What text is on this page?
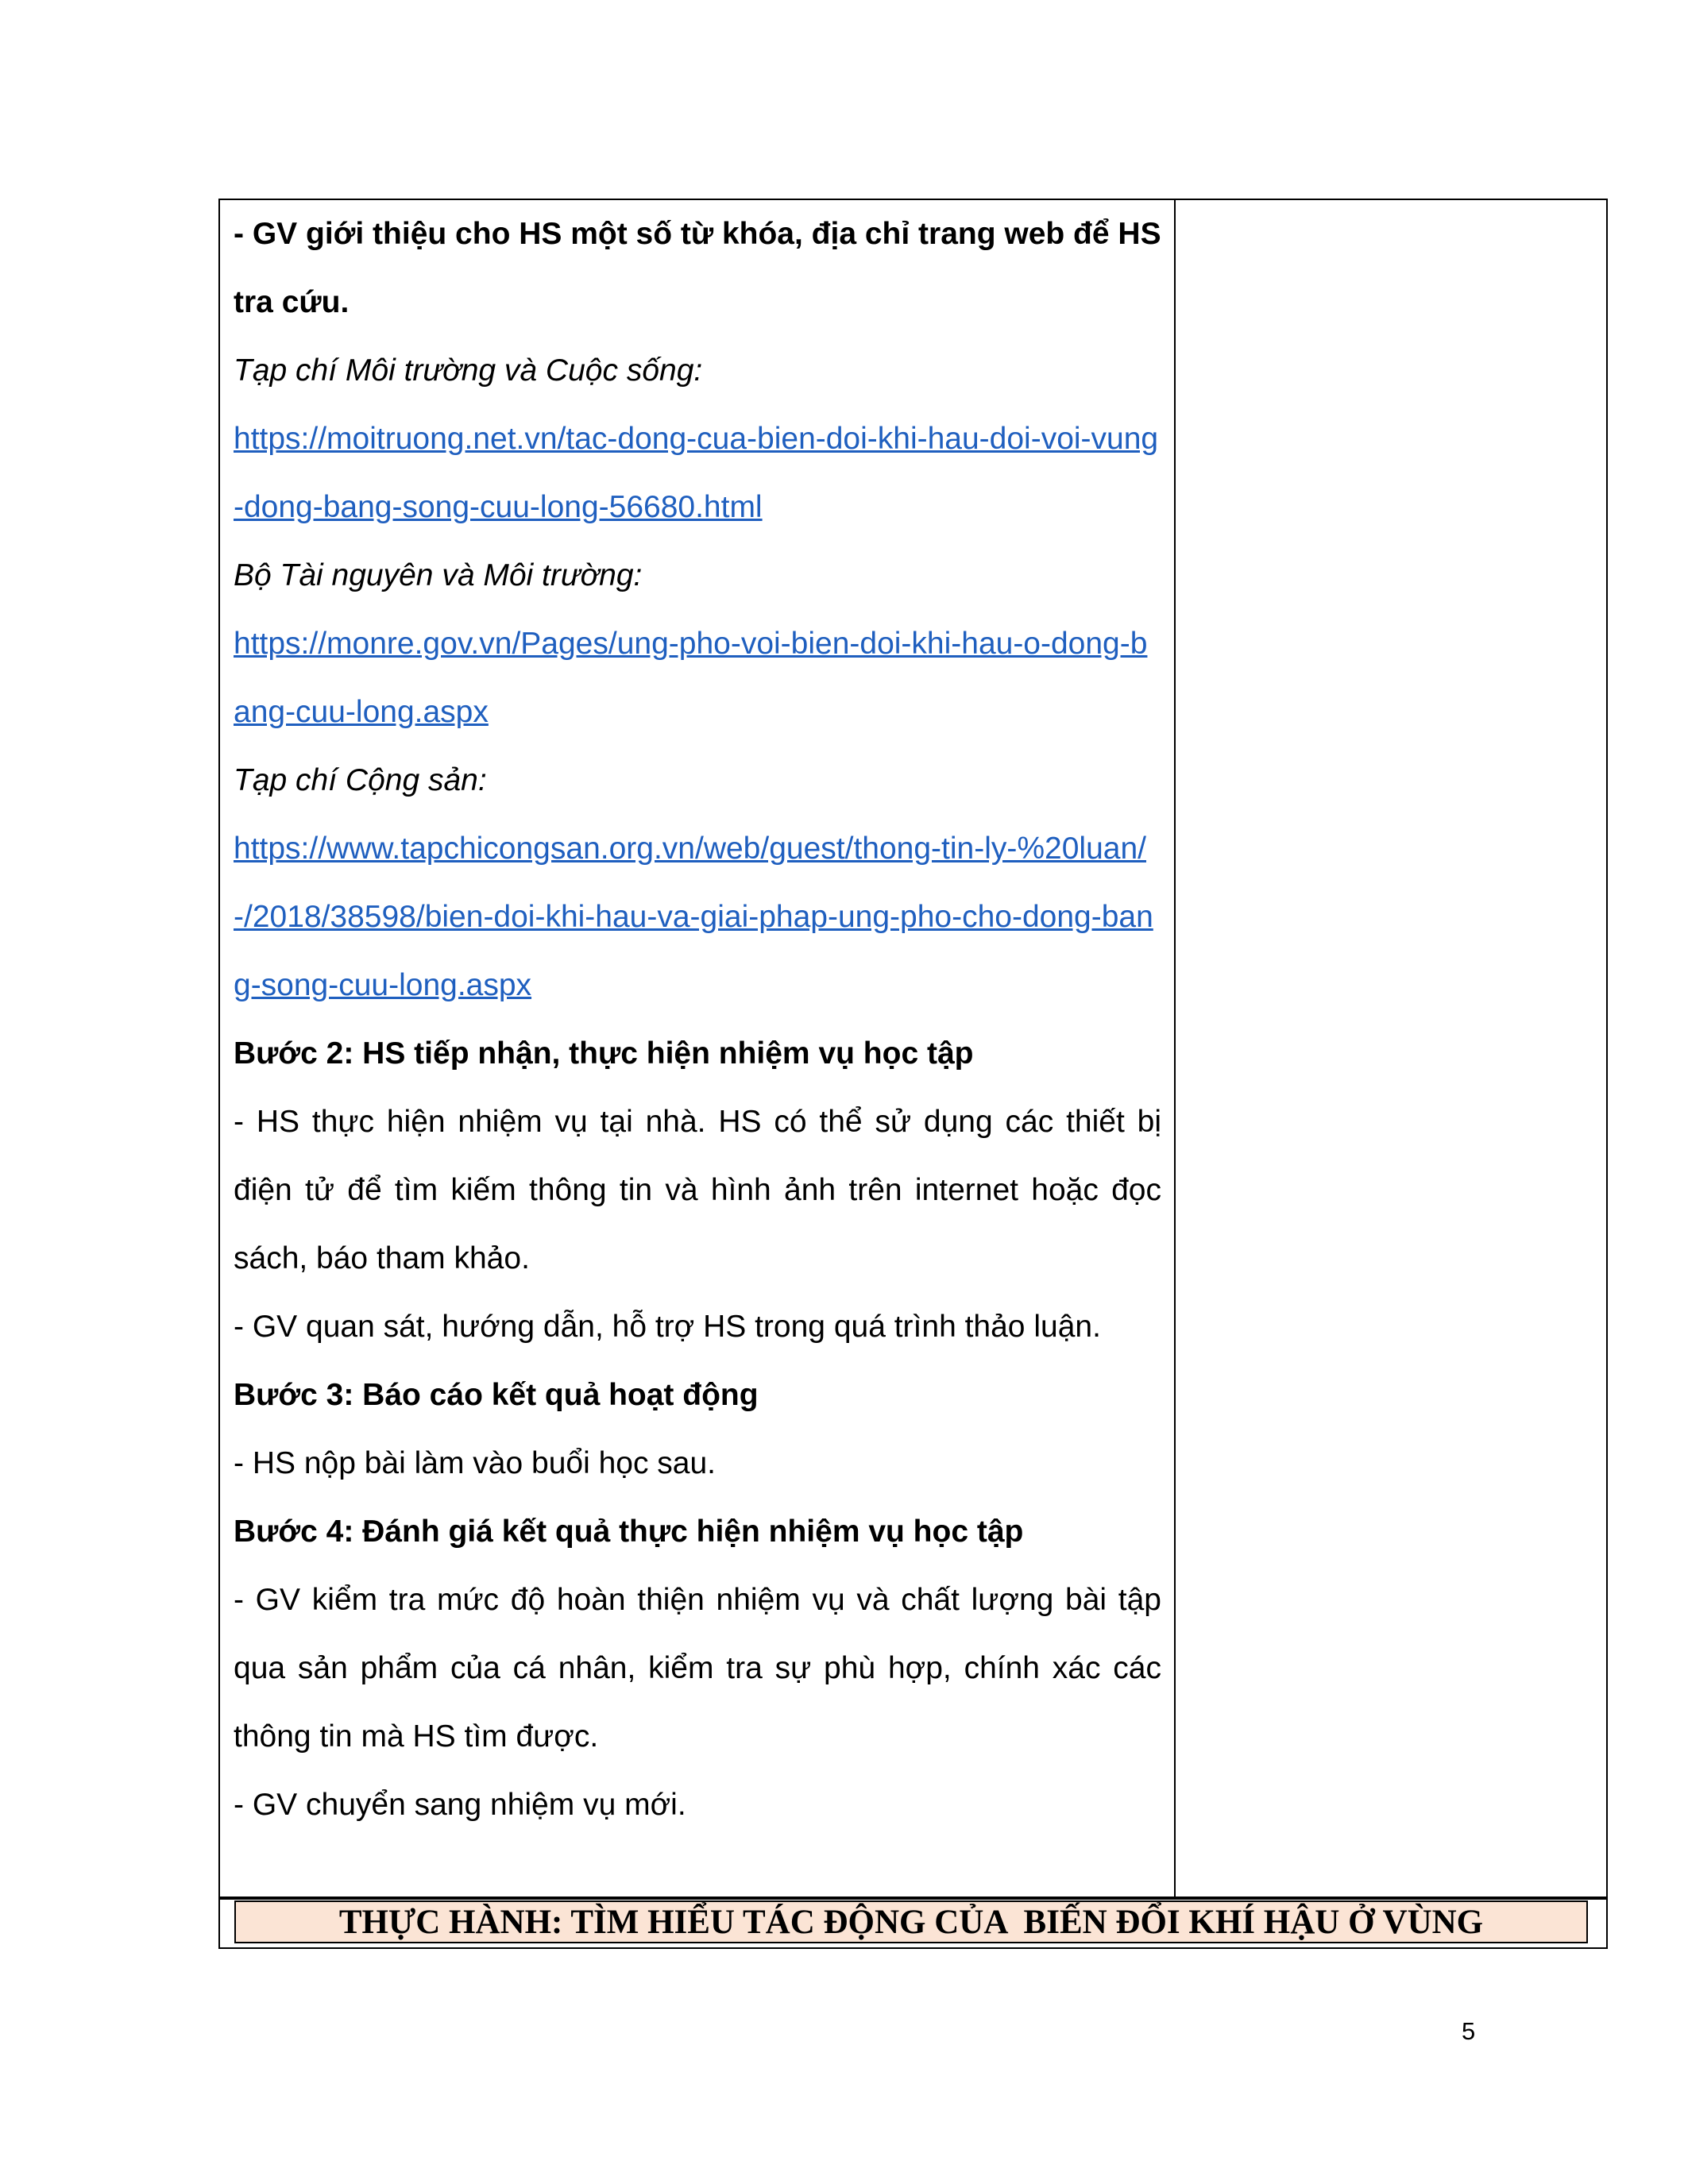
- GV giới thiệu cho HS một số từ khóa, địa chỉ trang web để HS tra cứu.

Tạp chí Môi trường và Cuộc sống:

https://moitruong.net.vn/tac-dong-cua-bien-doi-khi-hau-doi-voi-vung-dong-bang-song-cuu-long-56680.html

Bộ Tài nguyên và Môi trường:

https://monre.gov.vn/Pages/ung-pho-voi-bien-doi-khi-hau-o-dong-bang-cuu-long.aspx

Tạp chí Cộng sản:

https://www.tapchicongsan.org.vn/web/guest/thong-tin-ly-%20luan/-/2018/38598/bien-doi-khi-hau-va-giai-phap-ung-pho-cho-dong-bang-song-cuu-long.aspx

Bước 2: HS tiếp nhận, thực hiện nhiệm vụ học tập

- HS thực hiện nhiệm vụ tại nhà. HS có thể sử dụng các thiết bị điện tử để tìm kiếm thông tin và hình ảnh trên internet hoặc đọc sách, báo tham khảo.

- GV quan sát, hướng dẫn, hỗ trợ HS trong quá trình thảo luận.

Bước 3: Báo cáo kết quả hoạt động

- HS nộp bài làm vào buổi học sau.

Bước 4: Đánh giá kết quả thực hiện nhiệm vụ học tập

- GV kiểm tra mức độ hoàn thiện nhiệm vụ và chất lượng bài tập qua sản phẩm của cá nhân, kiểm tra sự phù hợp, chính xác các thông tin mà HS tìm được.

- GV chuyển sang nhiệm vụ mới.

THỰC HÀNH: TÌM HIỂU TÁC ĐỘNG CỦA  BIẾN ĐỔI KHÍ HẬU Ở VÙNG
5
